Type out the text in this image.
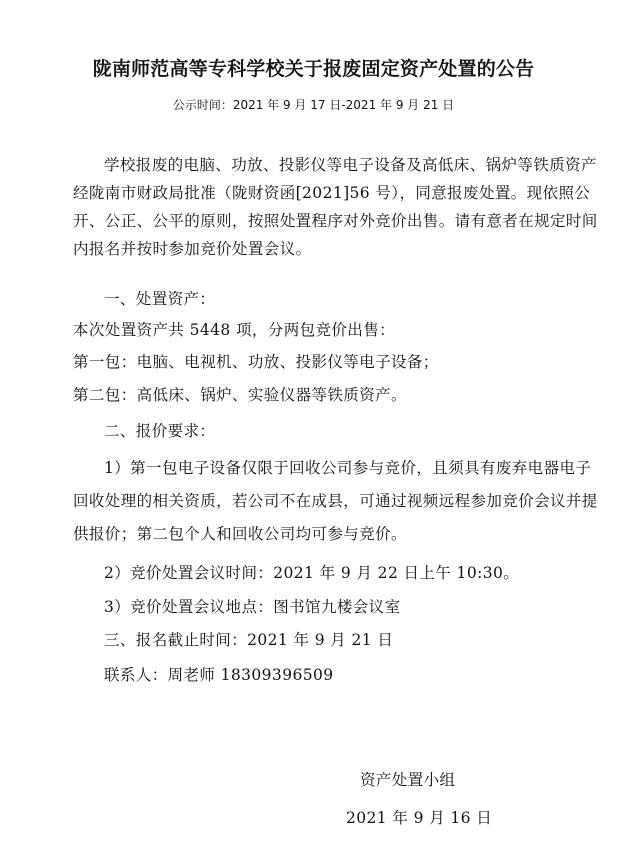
陇南师范高等专科学校关于报废固定资产处置的公告
公示时间：2021 年 9 月 17 日-2021 年 9 月 21 日
学校报废的电脑、功放、投影仪等电子设备及高低床、锅炉等铁质资产经陇南市财政局批准（陇财资函[2021]56 号），同意报废处置。现依照公开、公正、公平的原则，按照处置程序对外竞价出售。请有意者在规定时间内报名并按时参加竞价处置会议。
一、处置资产：
本次处置资产共 5448 项，分两包竞价出售：
第一包：电脑、电视机、功放、投影仪等电子设备；
第二包：高低床、锅炉、实验仪器等铁质资产。
二、报价要求：
1）第一包电子设备仅限于回收公司参与竞价，且须具有废弃电器电子回收处理的相关资质，若公司不在成县，可通过视频远程参加竞价会议并提供报价；第二包个人和回收公司均可参与竞价。
2）竞价处置会议时间：2021 年 9 月 22 日上午 10:30。
3）竞价处置会议地点：图书馆九楼会议室
三、报名截止时间：2021 年 9 月 21 日
联系人：周老师 18309396509
资产处置小组
2021 年 9 月 16 日
